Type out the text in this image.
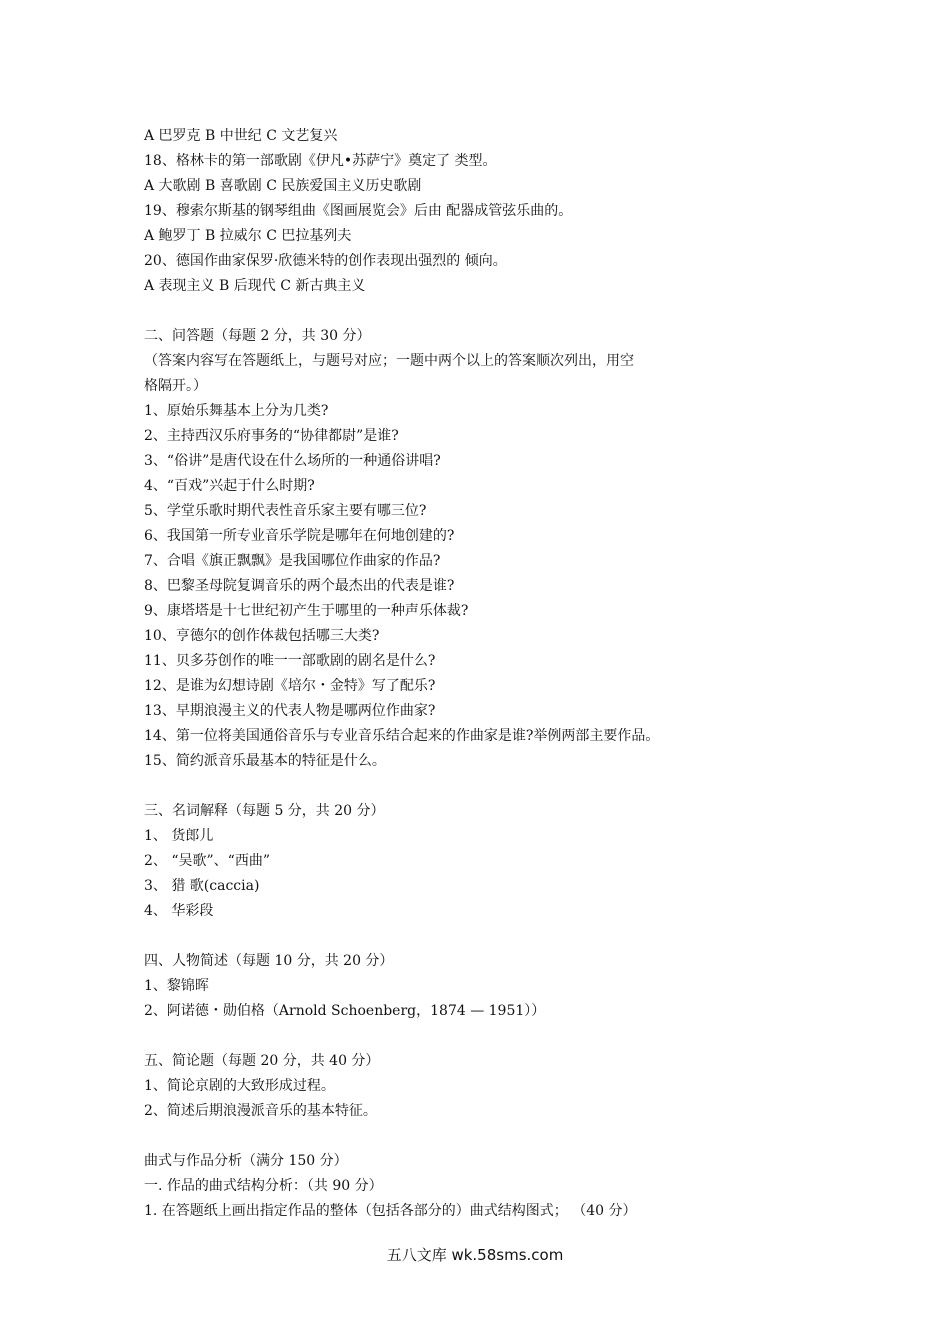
A 巴罗克 B 中世纪 C 文艺复兴
18、格林卡的第一部歌剧《伊凡•苏萨宁》奠定了 类型。
A 大歌剧 B 喜歌剧 C 民族爱国主义历史歌剧
19、穆索尔斯基的钢琴组曲《图画展览会》后由 配器成管弦乐曲的。
A 鲍罗丁 B 拉威尔 C 巴拉基列夫
20、德国作曲家保罗·欣德米特的创作表现出强烈的 倾向。
A 表现主义 B 后现代 C 新古典主义
二、问答题（每题 2 分，共 30 分）
（答案内容写在答题纸上，与题号对应；一题中两个以上的答案顺次列出，用空
格隔开。）
1、原始乐舞基本上分为几类?
2、主持西汉乐府事务的“协律都尉”是谁?
3、“俗讲”是唐代设在什么场所的一种通俗讲唱?
4、“百戏”兴起于什么时期?
5、学堂乐歌时期代表性音乐家主要有哪三位?
6、我国第一所专业音乐学院是哪年在何地创建的?
7、合唱《旗正飘飘》是我国哪位作曲家的作品?
8、巴黎圣母院复调音乐的两个最杰出的代表是谁?
9、康塔塔是十七世纪初产生于哪里的一种声乐体裁?
10、亨德尔的创作体裁包括哪三大类?
11、贝多芬创作的唯一一部歌剧的剧名是什么?
12、是谁为幻想诗剧《培尔・金特》写了配乐?
13、早期浪漫主义的代表人物是哪两位作曲家?
14、第一位将美国通俗音乐与专业音乐结合起来的作曲家是谁?举例两部主要作品。
15、简约派音乐最基本的特征是什么。
三、名词解释（每题 5 分，共 20 分）
1、 货郎儿
2、 “吴歌”、“西曲”
3、 猎 歌(caccia)
4、 华彩段
四、人物简述（每题 10 分，共 20 分）
1、黎锦晖
2、阿诺德・勋伯格（Arnold Schoenberg，1874 — 1951））
五、简论题（每题 20 分，共 40 分）
1、简论京剧的大致形成过程。
2、简述后期浪漫派音乐的基本特征。
曲式与作品分析（满分 150 分）
一. 作品的曲式结构分析：（共 90 分）
1. 在答题纸上画出指定作品的整体（包括各部分的）曲式结构图式； （40 分）
五八文库 wk.58sms.com
